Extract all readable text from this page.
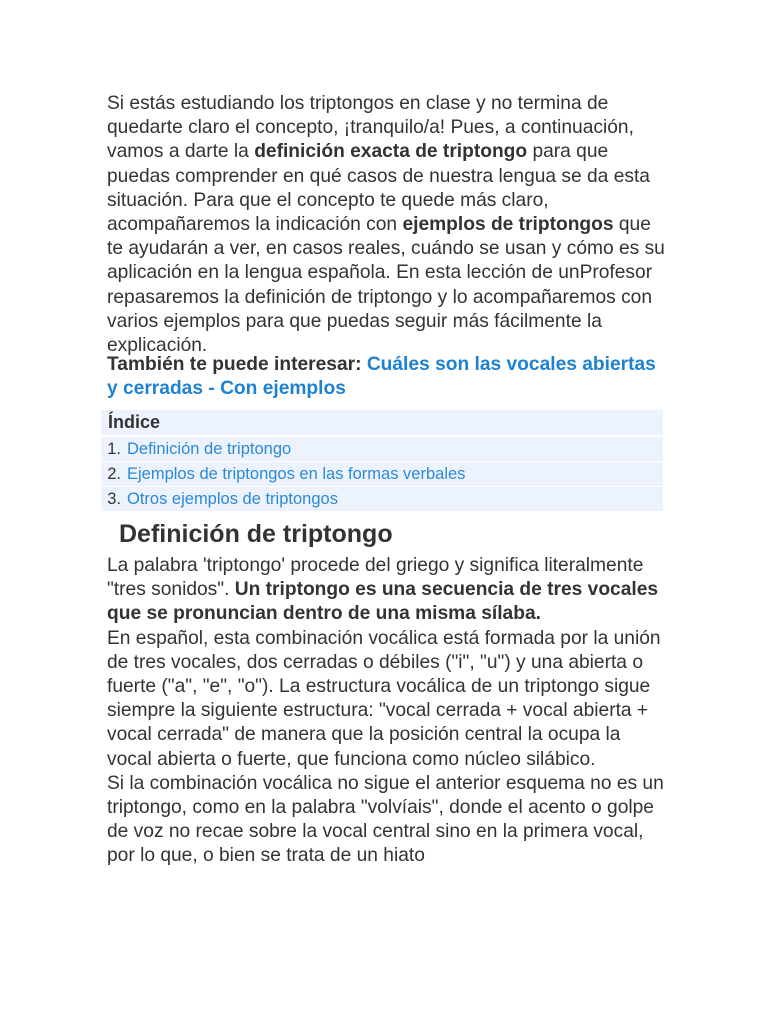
Si estás estudiando los triptongos en clase y no termina de quedarte claro el concepto, ¡tranquilo/a! Pues, a continuación, vamos a darte la definición exacta de triptongo para que puedas comprender en qué casos de nuestra lengua se da esta situación. Para que el concepto te quede más claro, acompañaremos la indicación con ejemplos de triptongos que te ayudarán a ver, en casos reales, cuándo se usan y cómo es su aplicación en la lengua española. En esta lección de unProfesor repasaremos la definición de triptongo y lo acompañaremos con varios ejemplos para que puedas seguir más fácilmente la explicación.

También te puede interesar: Cuáles son las vocales abiertas y cerradas - Con ejemplos

Índice
1. Definición de triptongo
2. Ejemplos de triptongos en las formas verbales
3. Otros ejemplos de triptongos
Definición de triptongo

La palabra 'triptongo' procede del griego y significa literalmente "tres sonidos". Un triptongo es una secuencia de tres vocales que se pronuncian dentro de una misma sílaba.

En español, esta combinación vocálica está formada por la unión de tres vocales, dos cerradas o débiles ("i", "u") y una abierta o fuerte ("a", "e", "o"). La estructura vocálica de un triptongo sigue siempre la siguiente estructura: "vocal cerrada + vocal abierta + vocal cerrada" de manera que la posición central la ocupa la vocal abierta o fuerte, que funciona como núcleo silábico.

Si la combinación vocálica no sigue el anterior esquema no es un triptongo, como en la palabra "volvíais", donde el acento o golpe de voz no recae sobre la vocal central sino en la primera vocal, por lo que, o bien se trata de un hiato
